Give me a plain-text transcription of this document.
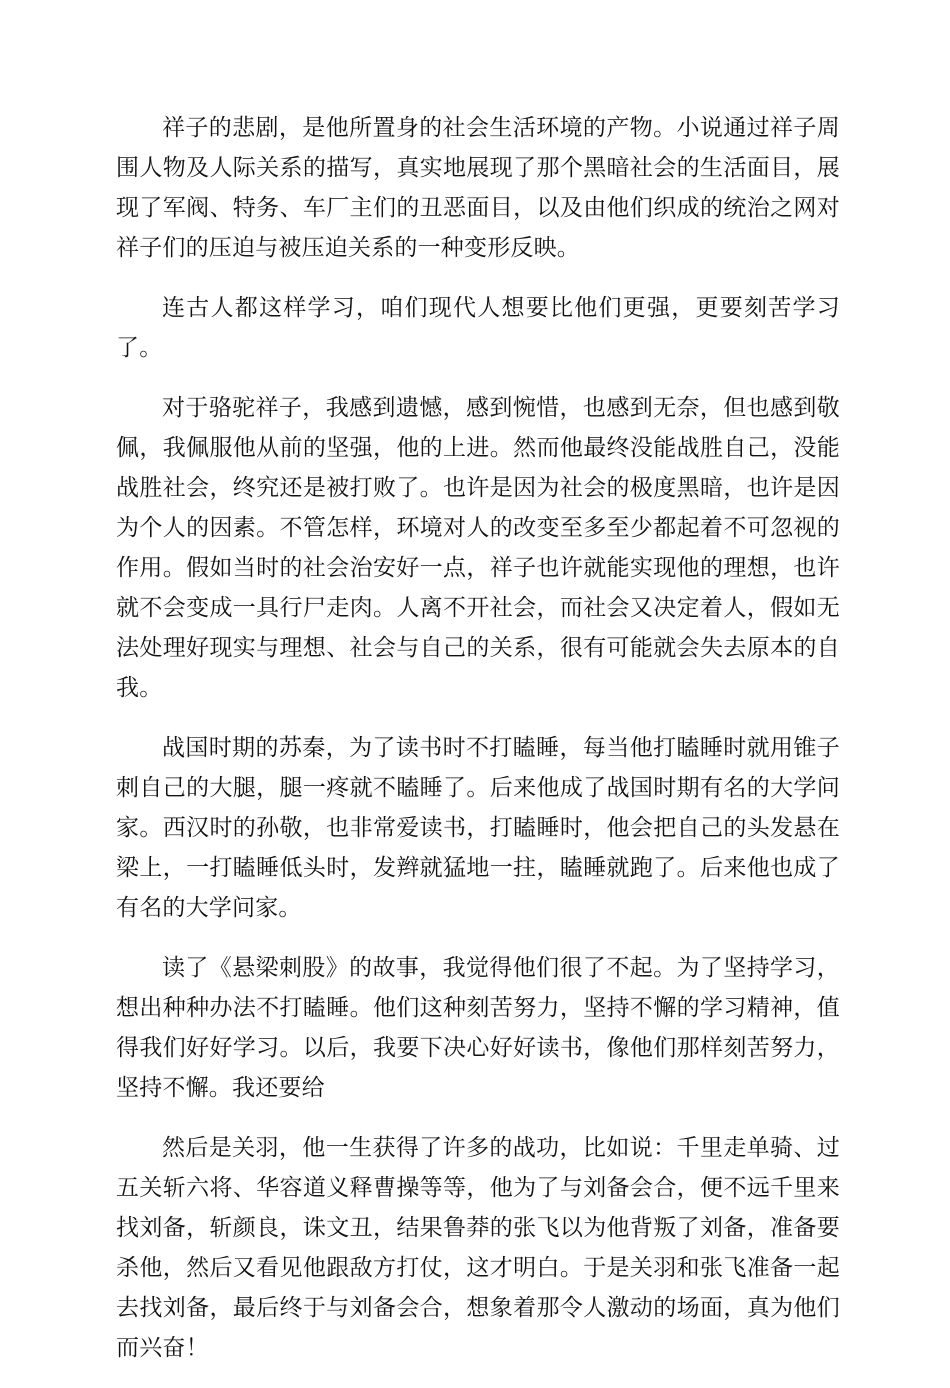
祥子的悲剧，是他所置身的社会生活环境的产物。小说通过祥子周围人物及人际关系的描写，真实地展现了那个黑暗社会的生活面目，展现了军阀、特务、车厂主们的丑恶面目，以及由他们织成的统治之网对祥子们的压迫与被压迫关系的一种变形反映。

连古人都这样学习，咱们现代人想要比他们更强，更要刻苦学习了。

对于骆驼祥子，我感到遗憾，感到惋惜，也感到无奈，但也感到敬佩，我佩服他从前的坚强，他的上进。然而他最终没能战胜自己，没能战胜社会，终究还是被打败了。也许是因为社会的极度黑暗，也许是因为个人的因素。不管怎样，环境对人的改变至多至少都起着不可忽视的作用。假如当时的社会治安好一点，祥子也许就能实现他的理想，也许就不会变成一具行尸走肉。人离不开社会，而社会又决定着人，假如无法处理好现实与理想、社会与自己的关系，很有可能就会失去原本的自我。

战国时期的苏秦，为了读书时不打瞌睡，每当他打瞌睡时就用锥子刺自己的大腿，腿一疼就不瞌睡了。后来他成了战国时期有名的大学问家。西汉时的孙敬，也非常爱读书，打瞌睡时，他会把自己的头发悬在梁上，一打瞌睡低头时，发辫就猛地一拄，瞌睡就跑了。后来他也成了有名的大学问家。

读了《悬梁刺股》的故事，我觉得他们很了不起。为了坚持学习，想出种种办法不打瞌睡。他们这种刻苦努力，坚持不懈的学习精神，值得我们好好学习。以后，我要下决心好好读书，像他们那样刻苦努力，坚持不懈。我还要给

然后是关羽，他一生获得了许多的战功，比如说：千里走单骑、过五关斩六将、华容道义释曹操等等，他为了与刘备会合，便不远千里来找刘备，斩颜良，诛文丑，结果鲁莽的张飞以为他背叛了刘备，准备要杀他，然后又看见他跟敌方打仗，这才明白。于是关羽和张飞准备一起去找刘备，最后终于与刘备会合，想象着那令人激动的场面，真为他们而兴奋！
